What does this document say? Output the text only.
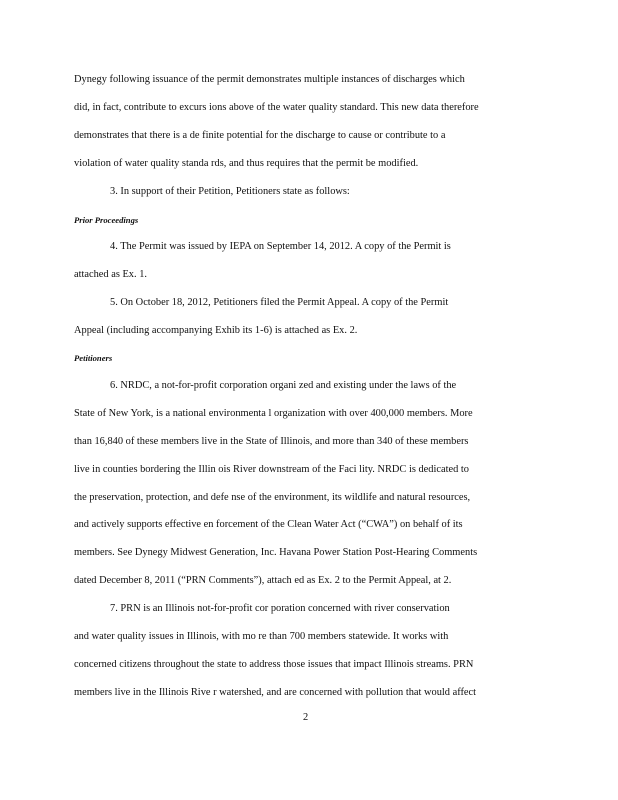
Dynegy following issuance of the permit demonstrates multiple instances of discharges which
did, in fact, contribute to excurs ions above of the water quality standard. This new data therefore
demonstrates that there is a de finite potential for the discharge to cause or contribute to a
violation of water quality standa rds, and thus requires that the permit be modified.
3. In support of their Petition, Petitioners state as follows:
Prior Proceedings
4. The Permit was issued by IEPA on September 14, 2012. A copy of the Permit is
attached as Ex. 1.
5. On October 18, 2012, Petitioners filed the Permit Appeal. A copy of the Permit
Appeal (including accompanying Exhib its 1-6) is attached as Ex. 2.
Petitioners
6. NRDC, a not-for-profit corporation organi zed and existing under the laws of the
State of New York, is a national environmenta l organization with over 400,000 members. More
than 16,840 of these members live in the State of Illinois, and more than 340 of these members
live in counties bordering the Illin ois River downstream of the Faci lity. NRDC is dedicated to
the preservation, protection, and defe nse of the environment, its wildlife and natural resources,
and actively supports effective en forcement of the Clean Water Act (“CWA”) on behalf of its
members. See Dynegy Midwest Generation, Inc. Havana Power Station Post-Hearing Comments
dated December 8, 2011 (“PRN Comments”), attach ed as Ex. 2 to the Permit Appeal, at 2.
7. PRN is an Illinois not-for-profit cor poration concerned with river conservation
and water quality issues in Illinois, with mo re than 700 members statewide. It works with
concerned citizens throughout the state to address those issues that impact Illinois streams. PRN
members live in the Illinois Rive r watershed, and are concerned with pollution that would affect
2
